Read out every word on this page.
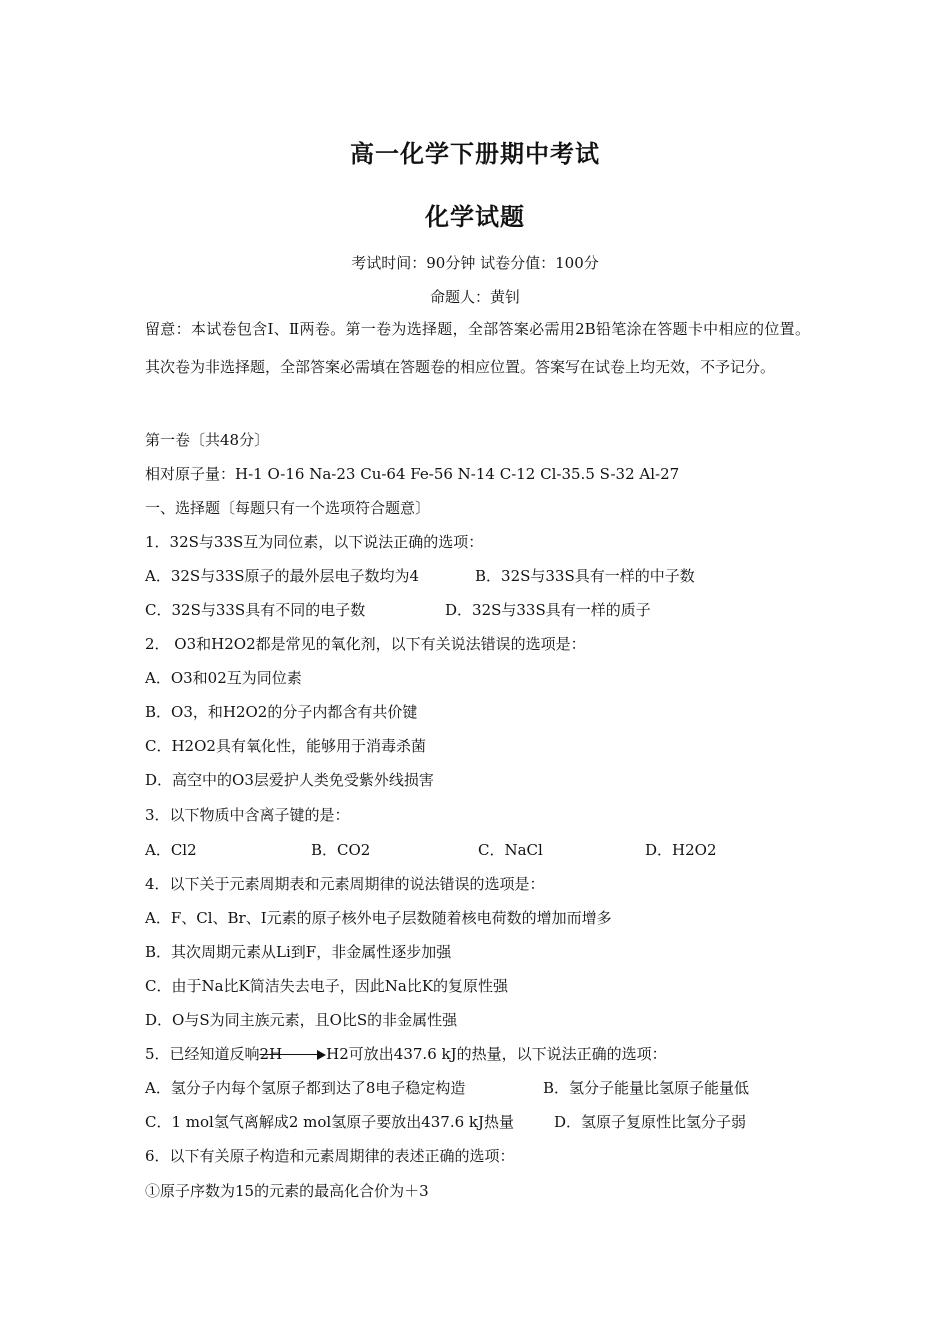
高一化学下册期中考试
化学试题
考试时间：90分钟 试卷分值：100分
命题人：黄钊
留意：本试卷包含Ⅰ、Ⅱ两卷。第一卷为选择题，全部答案必需用2B铅笔涂在答题卡中相应的位置。其次卷为非选择题，全部答案必需填在答题卷的相应位置。答案写在试卷上均无效，不予记分。
第一卷〔共48分〕
相对原子量：H-1 O-16 Na-23 Cu-64 Fe-56 N-14 C-12 Cl-35.5 S-32 Al-27
一、选择题〔每题只有一个选项符合题意〕
1．32S与33S互为同位素，以下说法正确的选项：
A．32S与33S原子的最外层电子数均为4	B．32S与33S具有一样的中子数
C．32S与33S具有不同的电子数	D．32S与33S具有一样的质子
2． O3和H2O2都是常见的氧化剂，以下有关说法错误的选项是：
A．O3和02互为同位素
B．O3，和H2O2的分子内都含有共价键
C．H2O2具有氧化性，能够用于消毒杀菌
D．高空中的O3层爱护人类免受紫外线损害
3．以下物质中含离子键的是：
A．Cl2	B．CO2	C．NaCl	D．H2O2
4．以下关于元素周期表和元素周期律的说法错误的选项是：
A．F、Cl、Br、I元素的原子核外电子层数随着核电荷数的增加而增多
B．其次周期元素从Li到F，非金属性逐步加强
C．由于Na比K简洁失去电子，因此Na比K的复原性强
D．O与S为同主族元素，且O比S的非金属性强
5．已经知道反响2H	H2可放出437.6 kJ的热量，以下说法正确的选项：
A．氢分子内每个氢原子都到达了8电子稳定构造	B．氢分子能量比氢原子能量低
C．1 mol氢气离解成2 mol氢原子要放出437.6 kJ热量	D．氢原子复原性比氢分子弱
6．以下有关原子构造和元素周期律的表述正确的选项：
①原子序数为15的元素的最高化合价为＋3
